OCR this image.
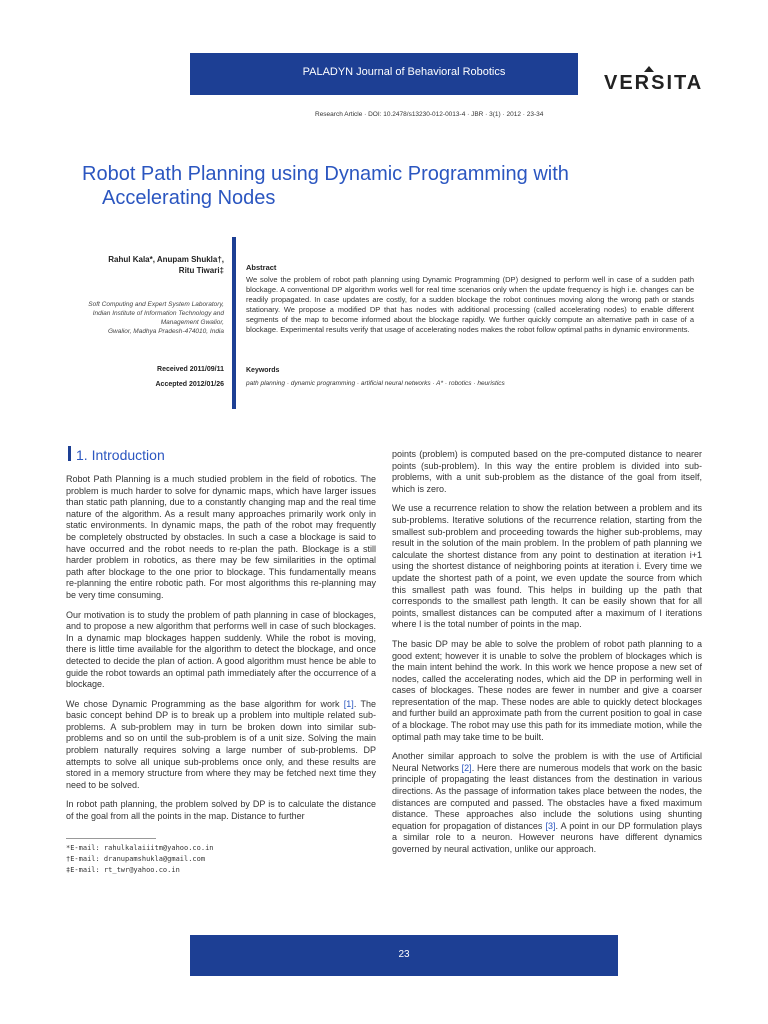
PALADYN Journal of Behavioral Robotics	VERSITA
Research Article · DOI: 10.2478/s13230-012-0013-4 · JBR · 3(1) · 2012 · 23-34
Robot Path Planning using Dynamic Programming with
Accelerating Nodes
Rahul Kala*, Anupam Shukla†,
Ritu Tiwari‡
Soft Computing and Expert System Laboratory,
Indian Institute of Information Technology and
Management Gwalior,
Gwalior, Madhya Pradesh-474010, India
Received 2011/09/11
Accepted 2012/01/26
Abstract
We solve the problem of robot path planning using Dynamic Programming (DP) designed to perform well in case of a sudden path blockage. A conventional DP algorithm works well for real time scenarios only when the update frequency is high i.e. changes can be readily propagated. In case updates are costly, for a sudden blockage the robot continues moving along the wrong path or stands stationary. We propose a modified DP that has nodes with additional processing (called accelerating nodes) to enable different segments of the map to become informed about the blockage rapidly. We further quickly compute an alternative path in case of a blockage. Experimental results verify that usage of accelerating nodes makes the robot follow optimal paths in dynamic environments.
Keywords
path planning · dynamic programming · artificial neural networks · A* · robotics · heuristics
1. Introduction

Robot Path Planning is a much studied problem in the field of robotics. The problem is much harder to solve for dynamic maps, which have larger issues than static path planning, due to a constantly changing map and the real time nature of the algorithm. As a result many approaches primarily work only in static environments. In dynamic maps, the path of the robot may frequently be completely obstructed by obstacles. In such a case a blockage is said to have occurred and the robot needs to re-plan the path. Blockage is a still harder problem in robotics, as there may be few similarities in the optimal path after blockage to the one prior to blockage. This fundamentally means re-planning the entire robotic path. For most algorithms this re-planning may be very time consuming.

Our motivation is to study the problem of path planning in case of blockages, and to propose a new algorithm that performs well in case of such blockages. In a dynamic map blockages happen suddenly. While the robot is moving, there is little time available for the algorithm to detect the blockage, and once detected to decide the plan of action. A good algorithm must hence be able to guide the robot towards an optimal path immediately after the occurrence of a blockage.

We chose Dynamic Programming as the base algorithm for work [1]. The basic concept behind DP is to break up a problem into multiple related sub-problems. A sub-problem may in turn be broken down into similar sub-problems and so on until the sub-problem is of a unit size. Solving the main problem naturally requires solving a large number of sub-problems. DP attempts to solve all unique sub-problems once only, and these results are stored in a memory structure from where they may be fetched next time they need to be solved.

In robot path planning, the problem solved by DP is to calculate the distance of the goal from all the points in the map. Distance to further

points (problem) is computed based on the pre-computed distance to nearer points (sub-problem). In this way the entire problem is divided into sub-problems, with a unit sub-problem as the distance of the goal from itself, which is zero.

We use a recurrence relation to show the relation between a problem and its sub-problems. Iterative solutions of the recurrence relation, starting from the smallest sub-problem and proceeding towards the higher sub-problems, may result in the solution of the main problem. In the problem of path planning we calculate the shortest distance from any point to destination at iteration i+1 using the shortest distance of neighboring points at iteration i. Every time we update the shortest path of a point, we even update the source from which this smallest path was found. This helps in building up the path that corresponds to the smallest path length. It can be easily shown that for all points, smallest distances can be computed after a maximum of I iterations where I is the total number of points in the map.

The basic DP may be able to solve the problem of robot path planning to a good extent; however it is unable to solve the problem of blockages which is the main intent behind the work. In this work we hence propose a new set of nodes, called the accelerating nodes, which aid the DP in performing well in cases of blockages. These nodes are fewer in number and give a coarser representation of the map. These nodes are able to quickly detect blockages and further build an approximate path from the current position to goal in case of a blockage. The robot may use this path for its immediate motion, while the optimal path may take time to be built.

Another similar approach to solve the problem is with the use of Artificial Neural Networks [2]. Here there are numerous models that work on the basic principle of propagating the least distances from the destination in various directions. As the passage of information takes place between the nodes, the distances are computed and passed. The obstacles have a fixed maximum distance. These approaches also include the solutions using shunting equation for propagation of distances [3]. A point in our DP formulation plays a similar role to a neuron. However neurons have different dynamics governed by neural activation, unlike our approach.

*E-mail: rahulkalaiiitm@yahoo.co.in
†E-mail: dranupamshukla@gmail.com
‡E-mail: rt_twr@yahoo.co.in
23
